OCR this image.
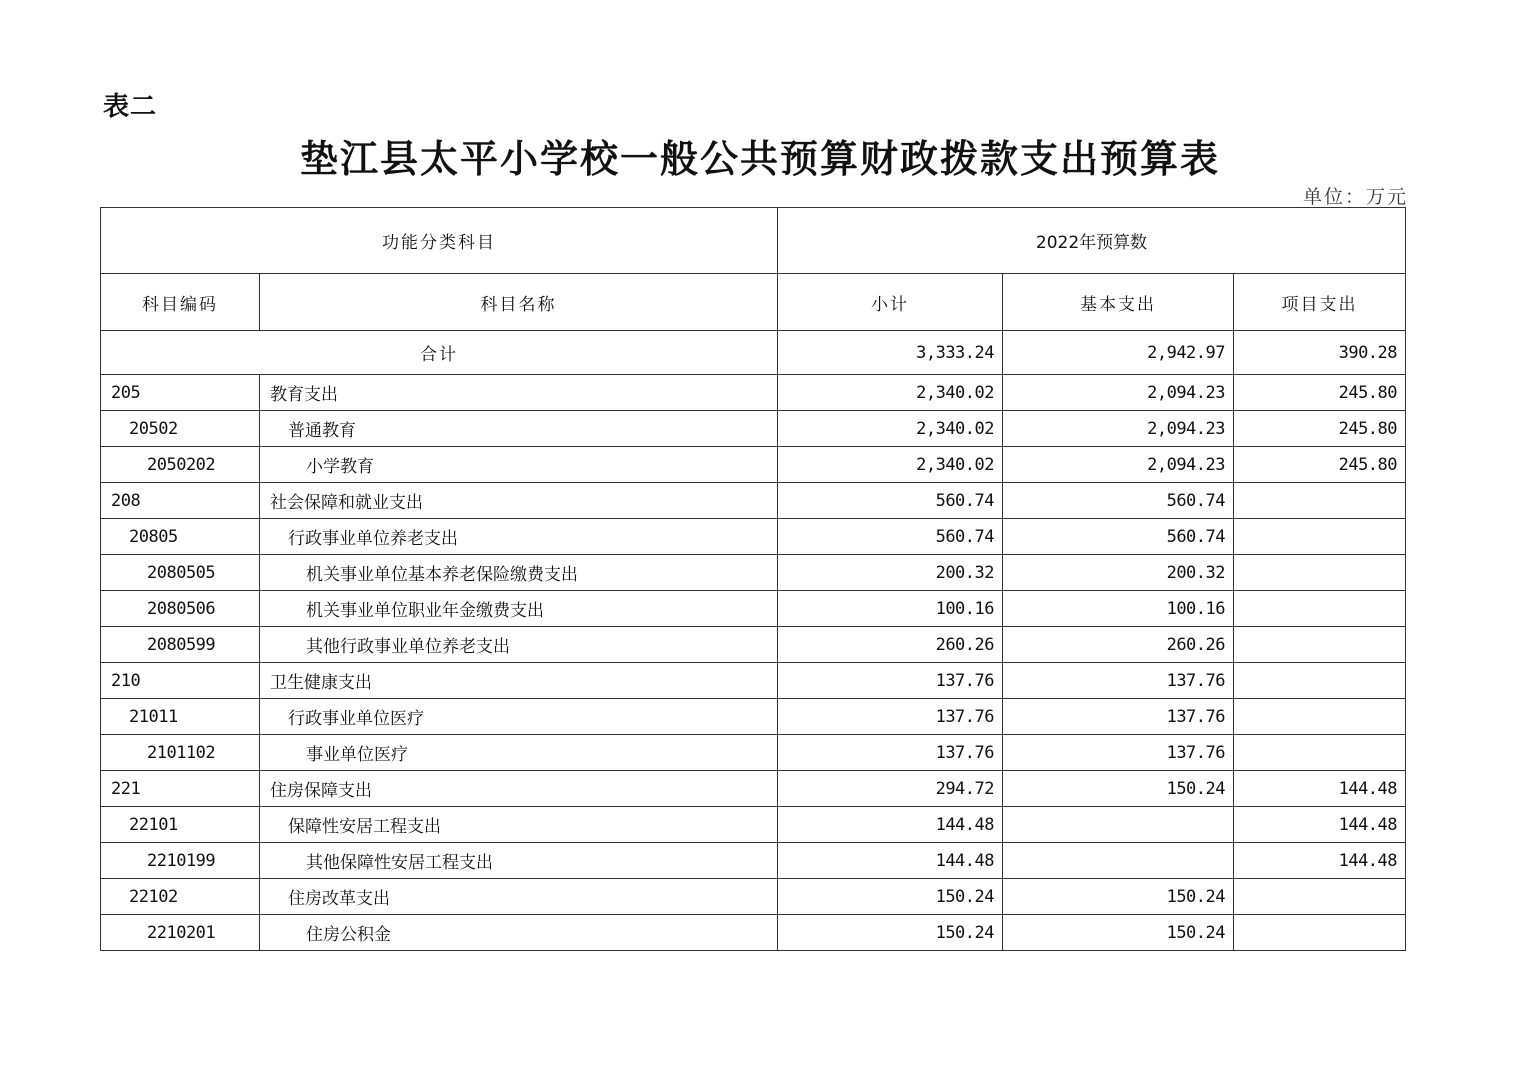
表二
垫江县太平小学校一般公共预算财政拨款支出预算表
单位：万元
功能分类科目		2022年预算数		
科目编码	科目名称	小计	基本支出	项目支出
合计		3,333.24	2,942.97	390.28
205	教育支出	2,340.02	2,094.23	245.80
20502	普通教育	2,340.02	2,094.23	245.80
2050202	小学教育	2,340.02	2,094.23	245.80
208	社会保障和就业支出	560.74	560.74	
20805	行政事业单位养老支出	560.74	560.74	
2080505	机关事业单位基本养老保险缴费支出	200.32	200.32	
2080506	机关事业单位职业年金缴费支出	100.16	100.16	
2080599	其他行政事业单位养老支出	260.26	260.26	
210	卫生健康支出	137.76	137.76	
21011	行政事业单位医疗	137.76	137.76	
2101102	事业单位医疗	137.76	137.76	
221	住房保障支出	294.72	150.24	144.48
22101	保障性安居工程支出	144.48		144.48
2210199	其他保障性安居工程支出	144.48		144.48
22102	住房改革支出	150.24	150.24	
2210201	住房公积金	150.24	150.24	
